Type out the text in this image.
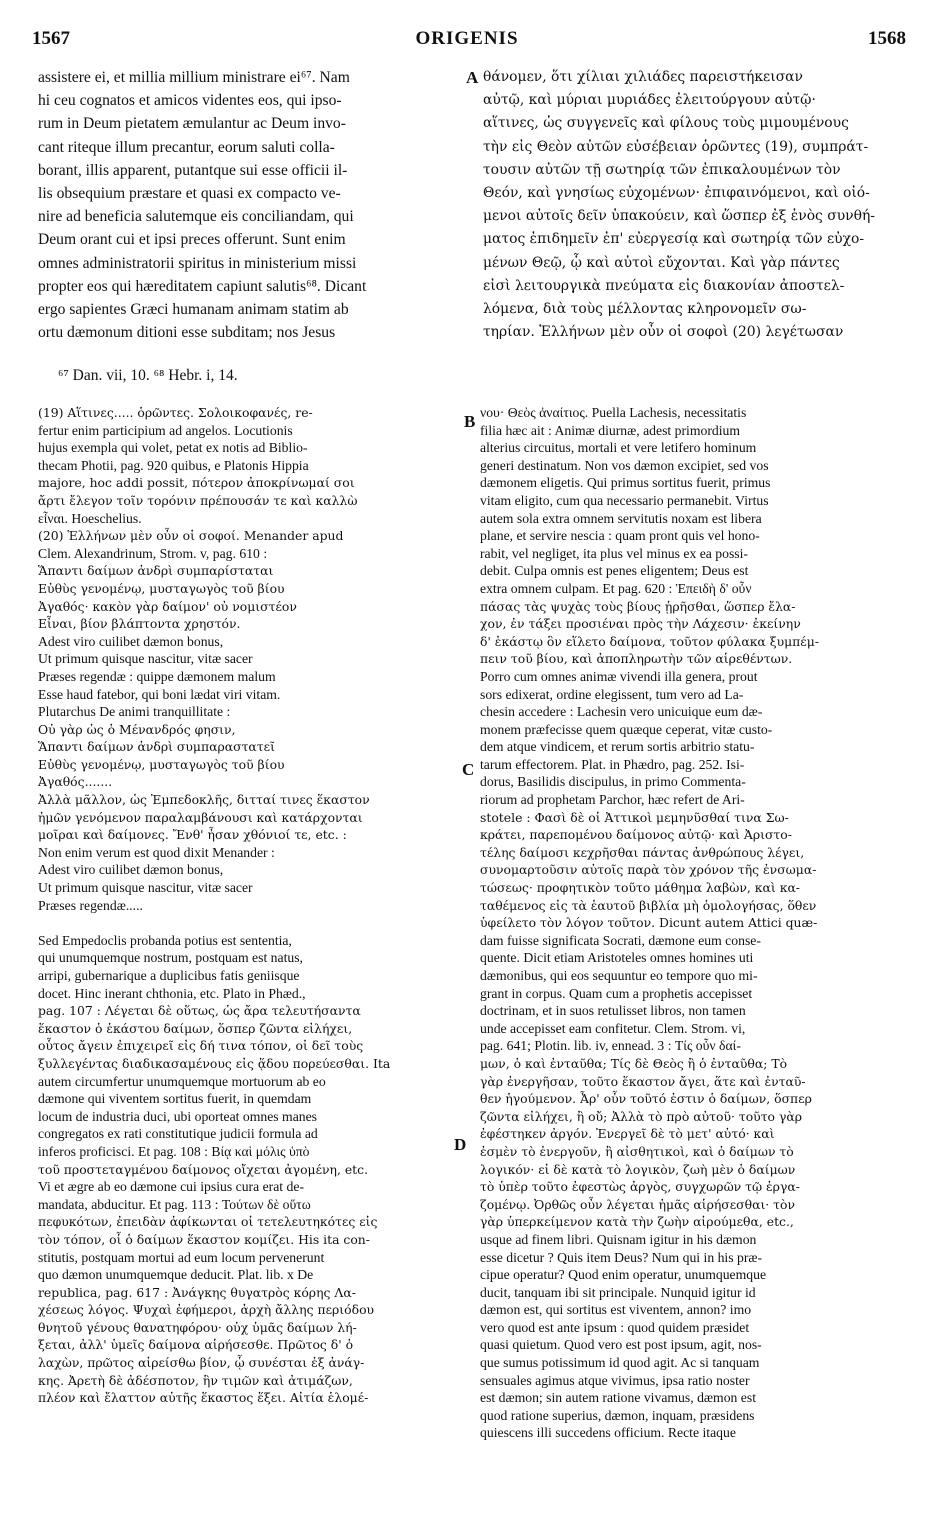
1567	ORIGENIS	1568
assistere ei, et millia millium ministrare ei⁶⁷. Nam
hi ceu cognatos et amicos videntes eos, qui ipso-
rum in Deum pietatem æmulantur ac Deum invo-
cant riteque illum precantur, eorum saluti colla-
borant, illis apparent, putantque sui esse officii il-
lis obsequium præstare et quasi ex compacto ve-
nire ad beneficia salutemque eis conciliandam, qui
Deum orant cui et ipsi preces offerunt. Sunt enim
omnes administratorii spiritus in ministerium missi
propter eos qui hæreditatem capiunt salutis⁶⁸. Dicant
ergo sapientes Græci humanam animam statim ab
ortu dæmonum ditioni esse subditam; nos Jesus
θάνομεν, ὅτι χίλιαι χιλιάδες παρειστήκεισαν
αὐτῷ, καὶ μύριαι μυριάδες ἐλειτούργουν αὐτῷ·
αἵτινες, ὡς συγγενεῖς καὶ φίλους τοὺς μιμουμένους
τὴν εἰς Θεὸν αὐτῶν εὐσέβειαν ὁρῶντες (19), συμπράτ-
τουσιν αὐτῶν τῇ σωτηρίᾳ τῶν ἐπικαλουμένων τὸν
Θεόν, καὶ γνησίως εὐχομένων· ἐπιφαινόμενοι, καὶ οἰό-
μενοι αὐτοῖς δεῖν ὑπακούειν, καὶ ὥσπερ ἐξ ἑνὸς συνθή-
ματος ἐπιδημεῖν ἐπ' εὐεργεσίᾳ καὶ σωτηρίᾳ τῶν εὐχο-
μένων Θεῷ, ᾧ καὶ αὐτοὶ εὔχονται. Καὶ γὰρ πάντες
εἰσὶ λειτουργικὰ πνεύματα εἰς διακονίαν ἀποστελ-
λόμενα, διὰ τοὺς μέλλοντας κληρονομεῖν σω-
τηρίαν. Ἑλλήνων μὲν οὖν οἱ σοφοὶ (20) λεγέτωσαν
A
B
C
D
⁶⁷ Dan. vii, 10. ⁶⁸ Hebr. i, 14.
(19) Αἵτινες..... ὁρῶντες. Σολοικοφανές, re-
fertur enim participium ad angelos. Locutionis
hujus exempla qui volet, petat ex notis ad Biblio-
thecam Photii, pag. 920 quibus, e Platonis Hippia
majore, hoc addi possit, πότερον ἀποκρίνωμαί σοι
ἄρτι ἔλεγον τοῖν τορόνιν πρέπουσάν τε καὶ καλλὼ
εἶναι. Hoeschelius.
(20) Ἑλλήνων μὲν οὖν οἱ σοφοί. Menander apud
Clem. Alexandrinum, Strom. v, pag. 610 :
Ἅπαντι δαίμων ἀνδρὶ συμπαρίσταται
Εὐθὺς γενομένῳ, μυσταγωγὸς τοῦ βίου
Ἀγαθός· κακὸν γὰρ δαίμον' οὐ νομιστέον
Εἶναι, βίον βλάπτοντα χρηστόν.
Adest viro cuilibet dæmon bonus,
Ut primum quisque nascitur, vitæ sacer
Præses regendæ : quippe dæmonem malum
Esse haud fatebor, qui boni lædat viri vitam.
Plutarchus De animi tranquillitate :
Οὐ γὰρ ὡς ὁ Μένανδρός φησιν,
Ἅπαντι δαίμων ἀνδρὶ συμπαραστατεῖ
Εὐθὺς γενομένῳ, μυσταγωγὸς τοῦ βίου
Ἀγαθός.......
Ἀλλὰ μᾶλλον, ὡς Ἐμπεδοκλῆς, διτταί τινες ἕκαστον
ἡμῶν γενόμενον παραλαμβάνουσι καὶ κατάρχονται
μοῖραι καὶ δαίμονες. Ἔνθ' ἦσαν χθόνιοί τε, etc. :
Non enim verum est quod dixit Menander :
Adest viro cuilibet dæmon bonus,
Ut primum quisque nascitur, vitæ sacer
Præses regendæ.....

Sed Empedoclis probanda potius est sententia,
qui unumquemque nostrum, postquam est natus,
arripi, gubernarique a duplicibus fatis geniisque
docet. Hinc inerant chthonia, etc. Plato in Phæd.,
pag. 107 : Λέγεται δὲ οὕτως, ὡς ἄρα τελευτήσαντα
ἕκαστον ὁ ἑκάστου δαίμων, ὅσπερ ζῶντα εἰλήχει,
οὗτος ἄγειν ἐπιχειρεῖ εἰς δή τινα τόπον, οἱ δεῖ τοὺς
ξυλλεγέντας διαδικασαμένους εἰς ᾅδου πορεύεσθαι. Ita
autem circumfertur unumquemque mortuorum ab eo
dæmone qui viventem sortitus fuerit, in quemdam
locum de industria duci, ubi oporteat omnes manes
congregatos ex rati constitutique judicii formula ad
inferos proficisci. Et pag. 108 : Βίᾳ καὶ μόλις ὑπὸ
τοῦ προστεταγμένου δαίμονος οἴχεται ἀγομένη, etc.
Vi et ægre ab eo dæmone cui ipsius cura erat de-
mandata, abducitur. Et pag. 113 : Τούτων δὲ οὕτω
πεφυκότων, ἐπειδὰν ἀφίκωνται οἱ τετελευτηκότες εἰς
τὸν τόπον, οἷ ὁ δαίμων ἕκαστον κομίζει. His ita con-
stitutis, postquam mortui ad eum locum pervenerunt
quo dæmon unumquemque deducit. Plat. lib. x De
republica, pag. 617 : Ἀνάγκης θυγατρὸς κόρης Λα-
χέσεως λόγος. Ψυχαὶ ἐφήμεροι, ἀρχὴ ἄλλης περιόδου
θνητοῦ γένους θανατηφόρου· οὐχ ὑμᾶς δαίμων λή-
ξεται, ἀλλ' ὑμεῖς δαίμονα αἱρήσεσθε. Πρῶτος δ' ὁ
λαχὼν, πρῶτος αἱρείσθω βίον, ᾧ συνέσται ἐξ ἀνάγ-
κης. Ἀρετὴ δὲ ἀδέσποτον, ἣν τιμῶν καὶ ἀτιμάζων,
πλέον καὶ ἔλαττον αὐτῆς ἕκαστος ἕξει. Αἰτία ἑλομέ-
νου· Θεὸς ἀναίτιος. Puella Lachesis, necessitatis
filia hæc ait : Animæ diurnæ, adest primordium
alterius circuitus, mortali et vere letifero hominum
generi destinatum. Non vos dæmon excipiet, sed vos
dæmonem eligetis. Qui primus sortitus fuerit, primus
vitam eligito, cum qua necessario permanebit. Virtus
autem sola extra omnem servitutis noxam est libera
plane, et servire nescia : quam pront quis vel hono-
rabit, vel negliget, ita plus vel minus ex ea possi-
debit. Culpa omnis est penes eligentem; Deus est
extra omnem culpam. Et pag. 620 : Ἐπειδὴ δ' οὖν
πάσας τὰς ψυχὰς τοὺς βίους ᾑρῆσθαι, ὥσπερ ἔλα-
χον, ἐν τάξει προσιέναι πρὸς τὴν Λάχεσιν· ἐκείνην
δ' ἑκάστῳ ὃν εἵλετο δαίμονα, τοῦτον φύλακα ξυμπέμ-
πειν τοῦ βίου, καὶ ἀποπληρωτὴν τῶν αἱρεθέντων.
Porro cum omnes animæ vivendi illa genera, prout
sors edixerat, ordine elegissent, tum vero ad La-
chesin accedere : Lachesin vero unicuique eum dæ-
monem præfecisse quem quæque ceperat, vitæ custo-
dem atque vindicem, et rerum sortis arbitrio statu-
tarum effectorem. Plat. in Phædro, pag. 252. Isi-
dorus, Basilidis discipulus, in primo Commenta-
riorum ad prophetam Parchor, hæc refert de Ari-
stotele : Φασὶ δὲ οἱ Ἀττικοὶ μεμηνῦσθαί τινα Σω-
κράτει, παρεπομένου δαίμονος αὐτῷ· καὶ Ἀριστο-
τέλης δαίμοσι κεχρῆσθαι πάντας ἀνθρώπους λέγει,
συνομαρτοῦσιν αὐτοῖς παρὰ τὸν χρόνον τῆς ἐνσωμα-
τώσεως· προφητικὸν τοῦτο μάθημα λαβὼν, καὶ κα-
ταθέμενος εἰς τὰ ἑαυτοῦ βιβλία μὴ ὁμολογήσας, ὅθεν
ὑφείλετο τὸν λόγον τοῦτον. Dicunt autem Attici quæ-
dam fuisse significata Socrati, dæmone eum conse-
quente. Dicit etiam Aristoteles omnes homines uti
dæmonibus, qui eos sequuntur eo tempore quo mi-
grant in corpus. Quam cum a prophetis accepisset
doctrinam, et in suos retulisset libros, non tamen
unde accepisset eam confitetur. Clem. Strom. vi,
pag. 641; Plotin. lib. iv, ennead. 3 : Τίς οὖν δαί-
μων, ὁ καὶ ἐνταῦθα; Τίς δὲ Θεὸς ἢ ὁ ἐνταῦθα; Τὸ
γὰρ ἐνεργῆσαν, τοῦτο ἕκαστον ἄγει, ἅτε καὶ ἐνταῦ-
θεν ἡγούμενον. Ἆρ' οὖν τοῦτό ἐστιν ὁ δαίμων, ὅσπερ
ζῶντα εἰλήχει, ἢ οὔ; Ἀλλὰ τὸ πρὸ αὐτοῦ· τοῦτο γὰρ
ἐφέστηκεν ἀργόν. Ἐνεργεῖ δὲ τὸ μετ' αὐτό· καὶ
ἐσμὲν τὸ ἐνεργοῦν, ἢ αἰσθητικοὶ, καὶ ὁ δαίμων τὸ
λογικόν· εἰ δὲ κατὰ τὸ λογικὸν, ζωὴ μὲν ὁ δαίμων
τὸ ὑπὲρ τοῦτο ἐφεστὼς ἀργὸς, συγχωρῶν τῷ ἐργα-
ζομένῳ. Ὀρθῶς οὖν λέγεται ἡμᾶς αἱρήσεσθαι· τὸν
γὰρ ὑπερκείμενον κατὰ τὴν ζωὴν αἱρούμεθα, etc.,
usque ad finem libri. Quisnam igitur in his dæmon
esse dicetur ? Quis item Deus? Num qui in his præ-
cipue operatur? Quod enim operatur, unumquemque
ducit, tanquam ibi sit principale. Nunquid igitur id
dæmon est, qui sortitus est viventem, annon? imo
vero quod est ante ipsum : quod quidem præsidet
quasi quietum. Quod vero est post ipsum, agit, nos-
que sumus potissimum id quod agit. Ac si tanquam
sensuales agimus atque vivimus, ipsa ratio noster
est dæmon; sin autem ratione vivamus, dæmon est
quod ratione superius, dæmon, inquam, præsidens
quiescens illi succedens officium. Recte itaque
